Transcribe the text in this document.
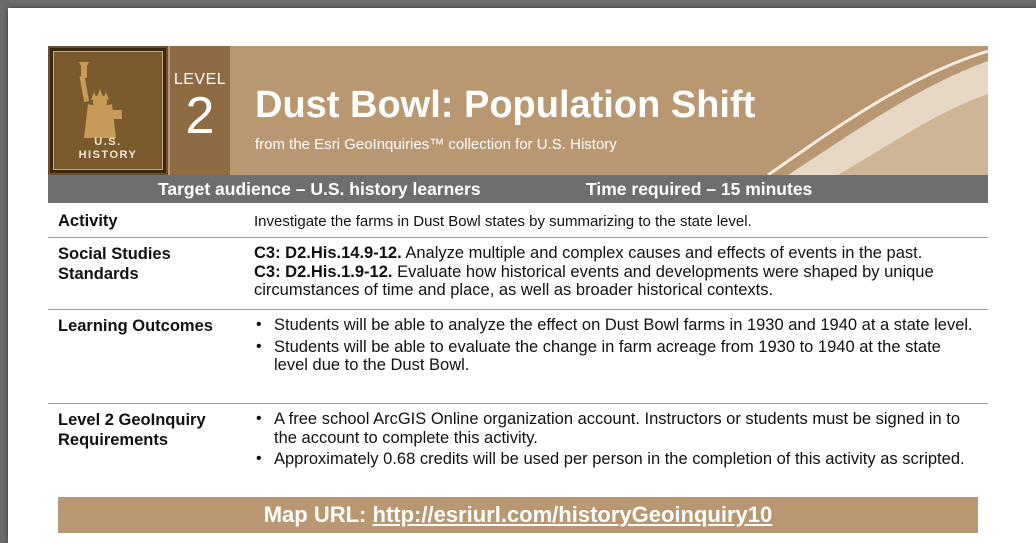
U.S.
HISTORY
LEVEL
2	Dust Bowl: Population Shift
from the Esri GeoInquiries™ collection for U.S. History
Target audience – U.S. history learners	Time required – 15 minutes
Activity	Investigate the farms in Dust Bowl states by summarizing to the state level.
Social Studies
Standards
C3: D2.His.14.9-12. Analyze multiple and complex causes and effects of events in the past.
C3: D2.His.1.9-12. Evaluate how historical events and developments were shaped by unique circumstances of time and place, as well as broader historical contexts.
Learning Outcomes
•	Students will be able to analyze the effect on Dust Bowl farms in 1930 and 1940 at a state level.
• Students will be able to evaluate the change in farm acreage from 1930 to 1940 at the state level due to the Dust Bowl.
Level 2 GeoInquiry
Requirements
• A free school ArcGIS Online organization account. Instructors or students must be signed in to the account to complete this activity.
• Approximately 0.68 credits will be used per person in the completion of this activity as scripted.
Map URL: http://esriurl.com/historyGeoinquiry10
